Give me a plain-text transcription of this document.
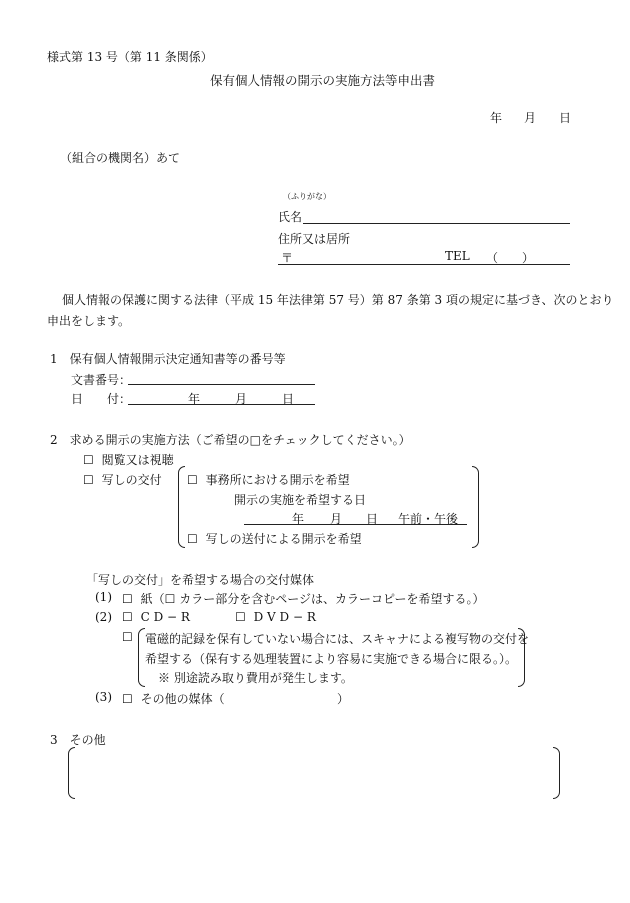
様式第 13 号（第 11 条関係）
保有個人情報の開示の実施方法等申出書
年 月 日
（組合の機関名）あて
（ふりがな）
氏名
住所又は居所
〒	TEL （　　）
個人情報の保護に関する法律（平成 15 年法律第 57 号）第 87 条第 3 項の規定に基づき、次のとおり
申出をします。
1　保有個人情報開示決定通知書等の番号等
文書番号：
日　　付：	年	月	日
2　求める開示の実施方法（ご希望の□をチェックしてください。）
☐ 閲覧又は視聴
☐ 写しの交付 ☐ 事務所における開示を希望
開示の実施を希望する日
年 月 日 午前・午後
☐ 写しの送付による開示を希望
「写しの交付」を希望する場合の交付媒体
(1) ☐ 紙（☐ カラー部分を含むページは、カラーコピーを希望する。）
(2) ☐ C D − R	☐ D V D − R
☐ 電磁的記録を保有していない場合には、スキャナによる複写物の交付を
希望する（保有する処理装置により容易に実施できる場合に限る。）。
※ 別途読み取り費用が発生します。
(3) ☐ その他の媒体（	）
3　その他
